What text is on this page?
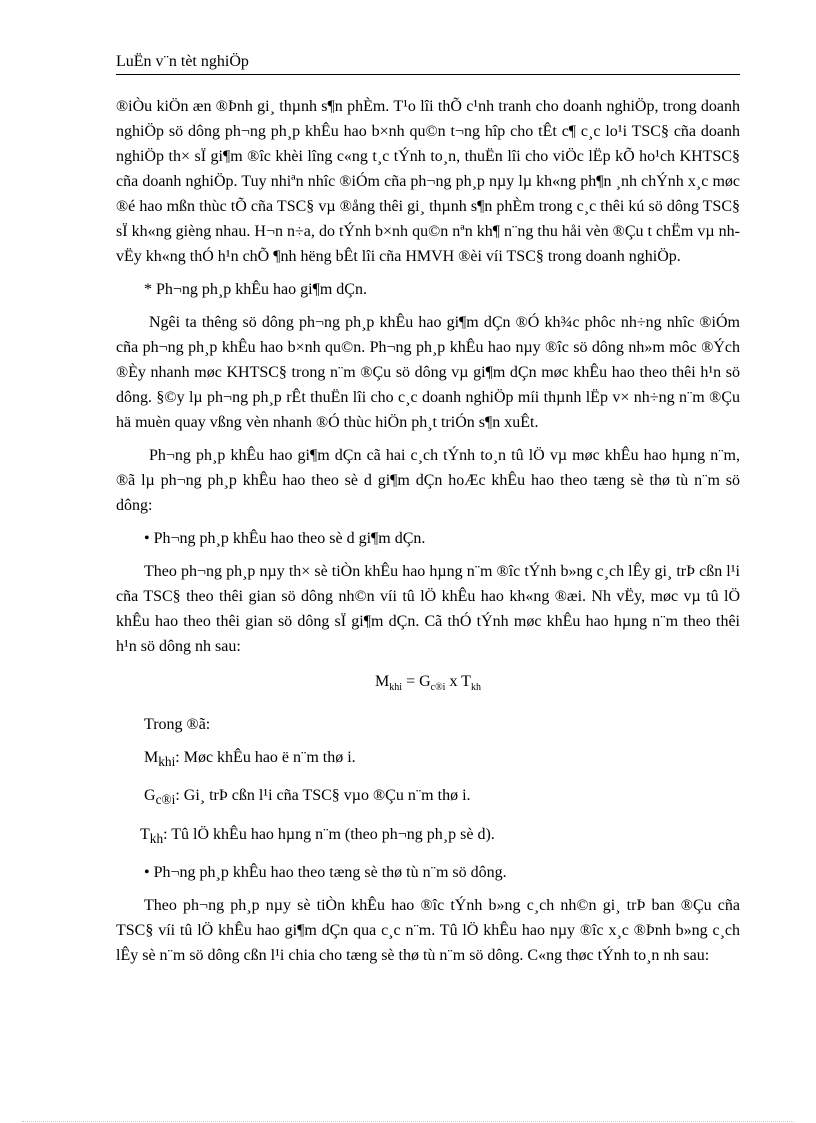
LuËn v¨n tèt nghiÖp

®iÒu kiÖn æn ®Þnh gi¸ thµnh s¶n phÈm. T¹o lîi thÕ c¹nh tranh cho doanh nghiÖp, trong doanh nghiÖp sö dông ph¬ng ph¸p khÊu hao b×nh qu©n t¬ng hîp cho tÊt c¶ c¸c lo¹i TSC§ cña doanh nghiÖp th× sÏ gi¶m ®îc khèi lîng c«ng t¸c tÝnh to¸n, thuËn lîi cho viÖc lËp kÕ ho¹ch KHTSC§ cña doanh nghiÖp. Tuy nhiªn nhîc ®iÓm cña ph¬ng ph¸p nµy lµ kh«ng ph¶n ¸nh chÝnh x¸c møc ®é hao mßn thùc tÕ cña TSC§ vµ ®ång thêi gi¸ thµnh s¶n phÈm trong c¸c thêi kú sö dông TSC§ sÏ kh«ng gièng nhau. H¬n n÷a, do tÝnh b×nh qu©n nªn kh¶ n¨ng thu håi vèn ®Çu t chËm vµ nh vËy kh«ng thÓ h¹n chÕ ¶nh hëng bÊt lîi cña HMVH ®èi víi TSC§ trong doanh nghiÖp.

* Ph¬ng ph¸p khÊu hao gi¶m dÇn.

Ngêi ta thêng sö dông ph¬ng ph¸p khÊu hao gi¶m dÇn ®Ó kh¾c phôc nh÷ng nhîc ®iÓm cña ph¬ng ph¸p khÊu hao b×nh qu©n. Ph¬ng ph¸p khÊu hao nµy ®îc sö dông nh»m môc ®Ých ®Èy nhanh møc KHTSC§ trong n¨m ®Çu sö dông vµ gi¶m dÇn møc khÊu hao theo thêi h¹n sö dông. §©y lµ ph¬ng ph¸p rÊt thuËn lîi cho c¸c doanh nghiÖp míi thµnh lËp v× nh÷ng n¨m ®Çu hä muèn quay vßng vèn nhanh ®Ó thùc hiÖn ph¸t triÓn s¶n xuÊt.

Ph¬ng ph¸p khÊu hao gi¶m dÇn cã hai c¸ch tÝnh to¸n tû lÖ vµ møc khÊu hao hµng n¨m, ®ã lµ ph¬ng ph¸p khÊu hao theo sè d gi¶m dÇn hoÆc khÊu hao theo tæng sè thø tù n¨m sö dông:

• Ph¬ng ph¸p khÊu hao theo sè d gi¶m dÇn.

Theo ph¬ng ph¸p nµy th× sè tiÒn khÊu hao hµng n¨m ®îc tÝnh b»ng c¸ch lÊy gi¸ trÞ cßn l¹i cña TSC§ theo thêi gian sö dông nh©n víi tû lÖ khÊu hao kh«ng ®æi. Nh vËy, møc vµ tû lÖ khÊu hao theo thêi gian sö dông sÏ gi¶m dÇn. Cã thÓ tÝnh møc khÊu hao hµng n¨m theo thêi h¹n sö dông nh sau:

$M_{khi} = G_{c®i}$ x $T_{kh}$

Trong ®ã:

$M_{khi}$: Møc khÊu hao ë n¨m thø i.
$G_{c®i}$: Gi¸ trÞ cßn l¹i cña TSC§ vµo ®Çu n¨m thø i.
$T_{kh}$: Tû lÖ khÊu hao hµng n¨m (theo ph¬ng ph¸p sè d).

• Ph¬ng ph¸p khÊu hao theo tæng sè thø tù n¨m sö dông.

Theo ph¬ng ph¸p nµy sè tiÒn khÊu hao ®îc tÝnh b»ng c¸ch nh©n gi¸ trÞ ban ®Çu cña TSC§ víi tû lÖ khÊu hao gi¶m dÇn qua c¸c n¨m. Tû lÖ khÊu hao nµy ®îc x¸c ®Þnh b»ng c¸ch lÊy sè n¨m sö dông cßn l¹i chia cho tæng sè thø tù n¨m sö dông. C«ng thøc tÝnh to¸n nh sau:
